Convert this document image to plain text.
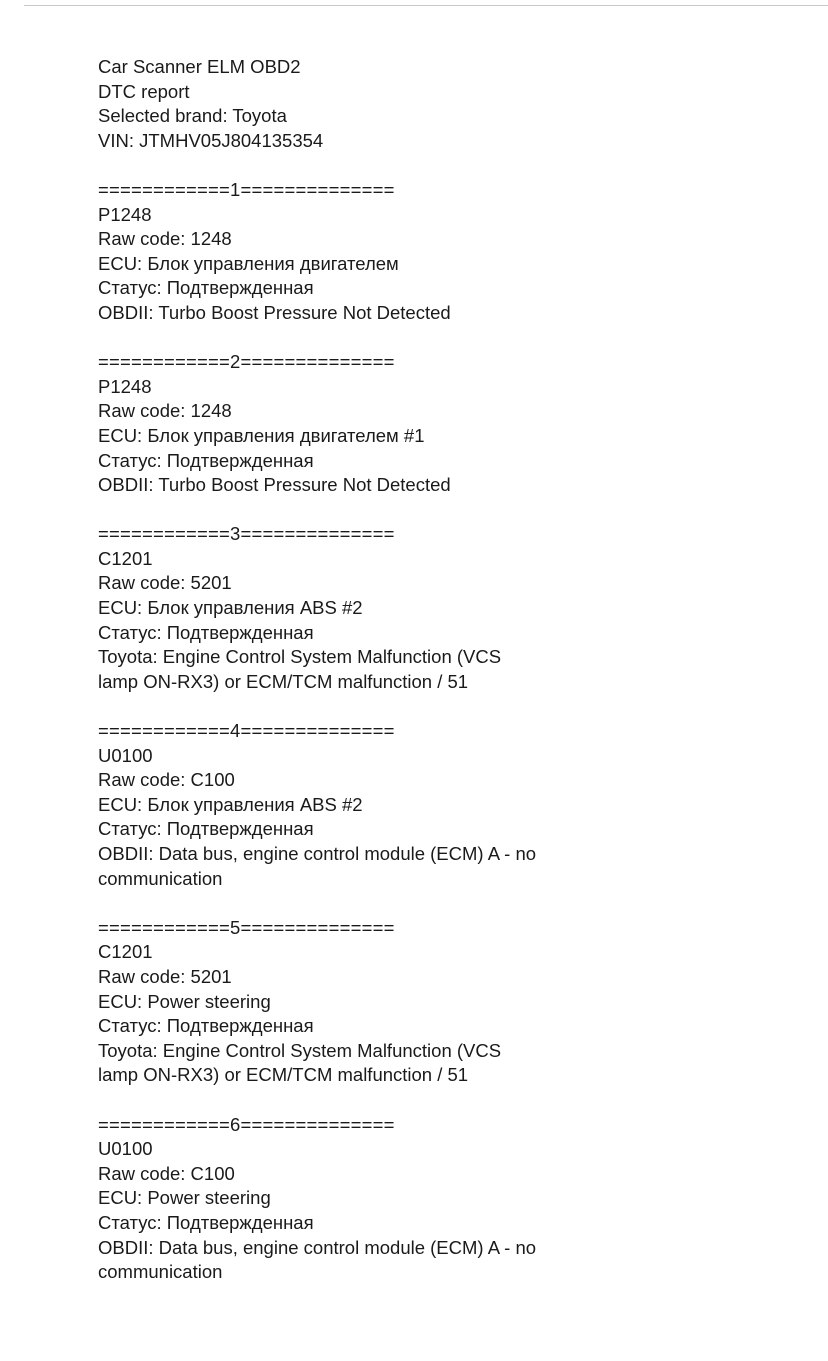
Car Scanner ELM OBD2
DTC report
Selected brand: Toyota
VIN: JTMHV05J804135354
============1==============
P1248
Raw code: 1248
ECU: Блок управления двигателем
Статус: Подтвержденная
OBDII: Turbo Boost Pressure Not Detected
============2==============
P1248
Raw code: 1248
ECU: Блок управления двигателем #1
Статус: Подтвержденная
OBDII: Turbo Boost Pressure Not Detected
============3==============
C1201
Raw code: 5201
ECU: Блок управления ABS #2
Статус: Подтвержденная
Toyota: Engine Control System Malfunction (VCS lamp ON-RX3) or ECM/TCM malfunction / 51
============4==============
U0100
Raw code: C100
ECU: Блок управления ABS #2
Статус: Подтвержденная
OBDII: Data bus, engine control module (ECM) A - no communication
============5==============
C1201
Raw code: 5201
ECU: Power steering
Статус: Подтвержденная
Toyota: Engine Control System Malfunction (VCS lamp ON-RX3) or ECM/TCM malfunction / 51
============6==============
U0100
Raw code: C100
ECU: Power steering
Статус: Подтвержденная
OBDII: Data bus, engine control module (ECM) A - no communication
